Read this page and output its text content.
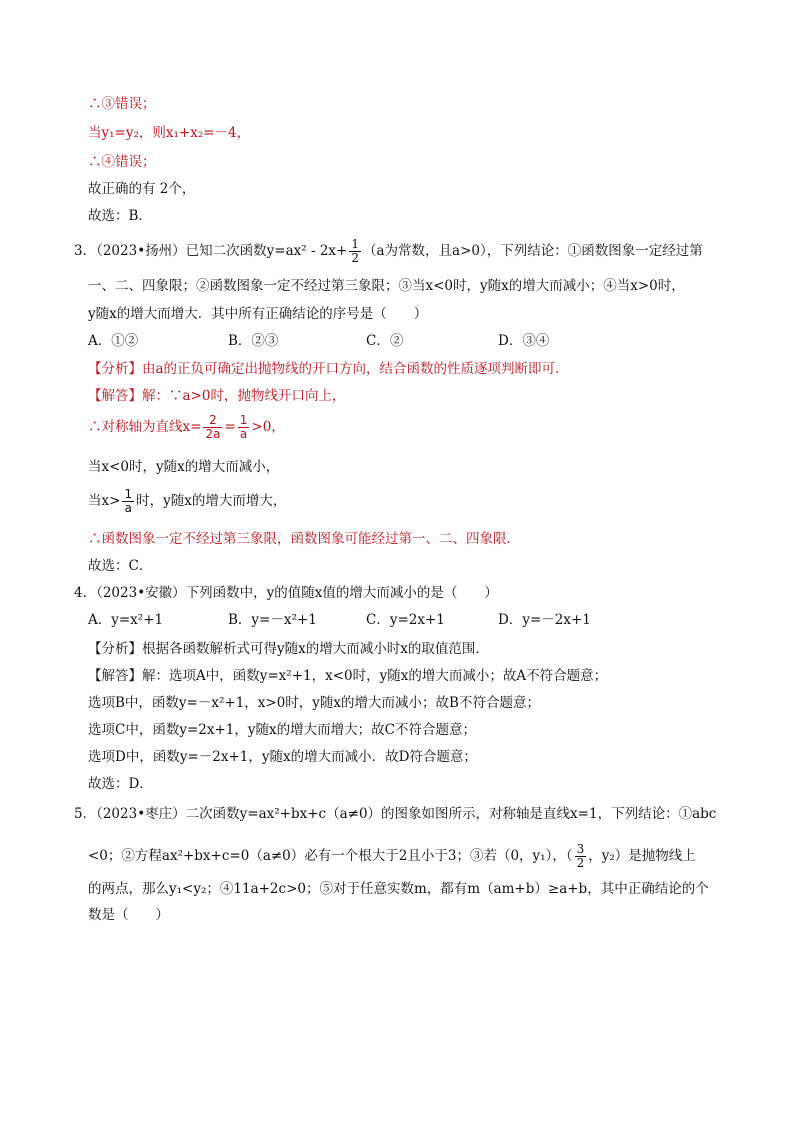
∴③错误；
当y₁=y₂，则x₁+x₂=－4，
∴④错误；
故正确的有 2个，
故选：B．
3．（2023•扬州）已知二次函数$y=ax^2 - 2x+ \frac{1}{2} (a$为常数，且a>0），下列结论：①函数图象一定经过第
一、二、四象限；②函数图象一定不经过第三象限；③当x<0时，y随x的增大而减小；④当x>0时，
y随x的增大而增大．其中所有正确结论的序号是（　　）
A．①②	B．②③	C．②	D．③④
【分析】由a的正负可确定出抛物线的开口方向，结合函数的性质逐项判断即可．
【解答】解：∵a>0时，抛物线开口向上，
∴对称轴为直线$x= \frac{2}{2a} = \frac{1}{a} >0$，
当x<0时，y随x的增大而减小，
当$x> \frac{1}{a}$ 时，y随x的增大而增大，
∴函数图象一定不经过第三象限，函数图象可能经过第一、二、四象限．
故选：C．
4．（2023•安徽）下列函数中，y的值随x值的增大而减小的是（　　）
A．y=x²+1	B．y=－x²+1	C．y=2x+1	D．y=－2x+1
【分析】根据各函数解析式可得y随x的增大而减小时x的取值范围．
【解答】解：选项A中，函数y=x²+1，x<0时，y随x的增大而减小；故A不符合题意；
选项B中，函数y=－x²+1，x>0时，y随x的增大而减小；故B不符合题意；
选项C中，函数y=2x+1，y随x的增大而增大；故C不符合题意；
选项D中，函数y=－2x+1，y随x的增大而减小．故D符合题意；
故选：D．
5．（2023•枣庄）二次函数y=ax²+bx+c（a≠0）的图象如图所示，对称轴是直线x=1，下列结论：①abc
<0；②方程ax²+bx+c=0（a≠0）必有一个根大于2且小于3；③若（0，y₁），（ $\frac{3}{2}$ ，y₂）是抛物线上
的两点，那么y₁<y₂；④11a+2c>0；⑤对于任意实数m，都有m（am+b）≥a+b，其中正确结论的个
数是（　　）
